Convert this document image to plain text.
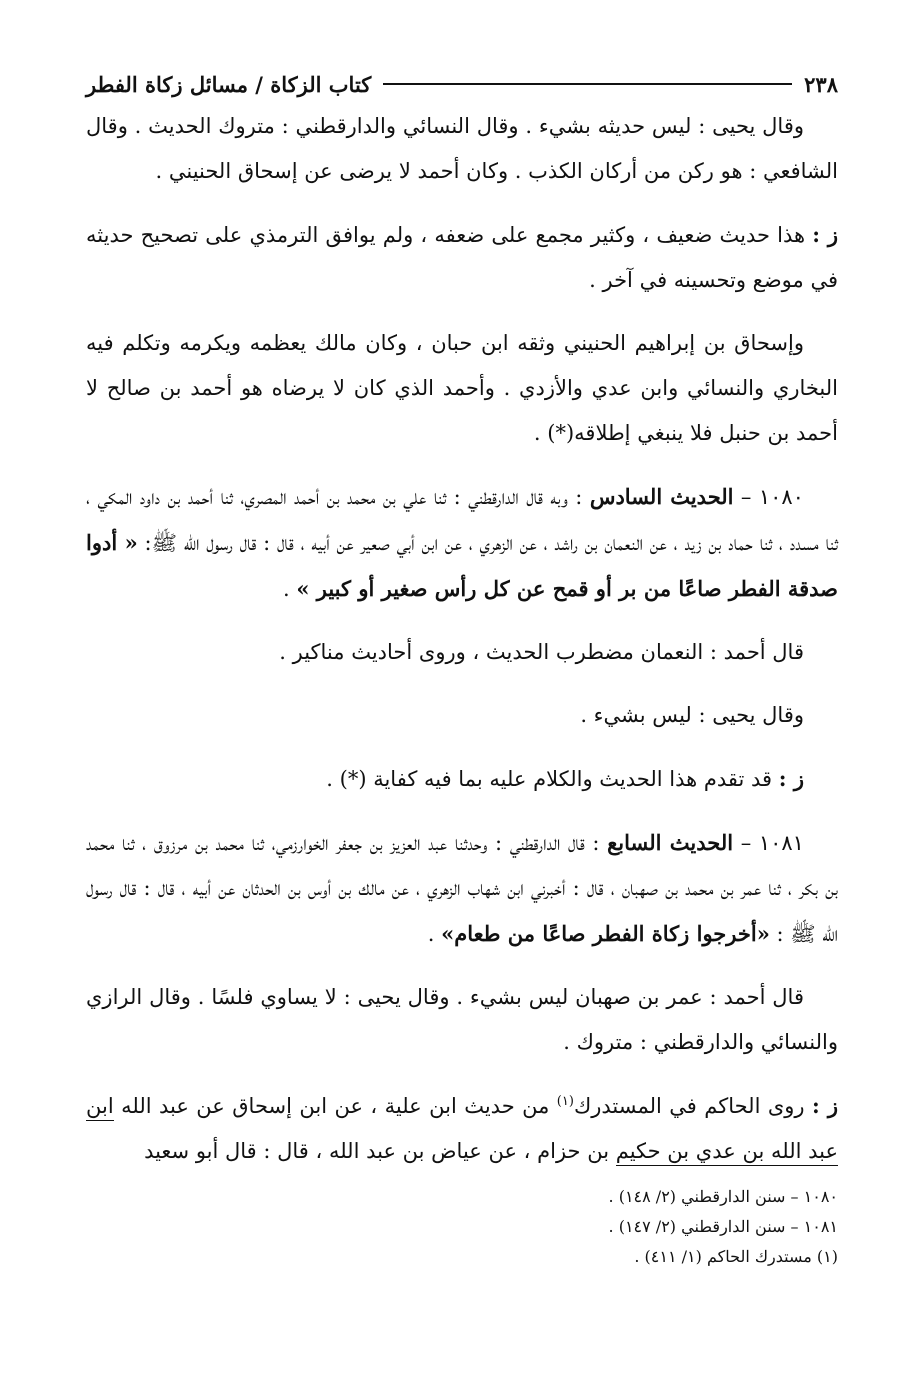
٢٣٨
كتاب الزكاة / مسائل زكاة الفطر

وقال يحيى : ليس حديثه بشيء . وقال النسائي والدارقطني : متروك الحديث . وقال الشافعي : هو ركن من أركان الكذب . وكان أحمد لا يرضى عن إسحاق الحنيني .

ز : هذا حديث ضعيف ، وكثير مجمع على ضعفه ، ولم يوافق الترمذي على تصحيح حديثه في موضع وتحسينه في آخر .

وإسحاق بن إبراهيم الحنيني وثقه ابن حبان ، وكان مالك يعظمه ويكرمه وتكلم فيه البخاري والنسائي وابن عدي والأزدي . وأحمد الذي كان لا يرضاه هو أحمد بن صالح لا أحمد بن حنبل فلا ينبغي إطلاقه(*) .

١٠٨٠ – الحديث السادس : وبه قال الدارقطني : ثنا علي بن محمد بن أحمد المصري، ثنا أحمد بن داود المكي ، ثنا مسدد ، ثنا حماد بن زيد ، عن النعمان بن راشد ، عن الزهري ، عن ابن أبي صعير عن أبيه ، قال : قال رسول الله ﷺ: « أدوا صدقة الفطر صاعًا من بر أو قمح عن كل رأس صغير أو كبير » .

قال أحمد : النعمان مضطرب الحديث ، وروى أحاديث مناكير .

وقال يحيى : ليس بشيء .

ز : قد تقدم هذا الحديث والكلام عليه بما فيه كفاية (*) .

١٠٨١ – الحديث السابع : قال الدارقطني : وحدثنا عبد العزيز بن جعفر الخوارزمي، ثنا محمد بن مرزوق ، ثنا محمد بن بكر ، ثنا عمر بن محمد بن صهبان ، قال : أخبرني ابن شهاب الزهري ، عن مالك بن أوس بن الحدثان عن أبيه ، قال : قال رسول الله ﷺ : «أخرجوا زكاة الفطر صاعًا من طعام» .

قال أحمد : عمر بن صهبان ليس بشيء . وقال يحيى : لا يساوي فلسًا . وقال الرازي والنسائي والدارقطني : متروك .

ز : روى الحاكم في المستدرك$^{(١)}$ من حديث ابن علية ، عن ابن إسحاق عن عبد الله ابن عبد الله بن عدي بن حكيم بن حزام ، عن عياض بن عبد الله ، قال : قال أبو سعيد

١٠٨٠ – سنن الدارقطني (٢/ ١٤٨) .
١٠٨١ – سنن الدارقطني (٢/ ١٤٧) .
(١) مستدرك الحاكم (١/ ٤١١) .
